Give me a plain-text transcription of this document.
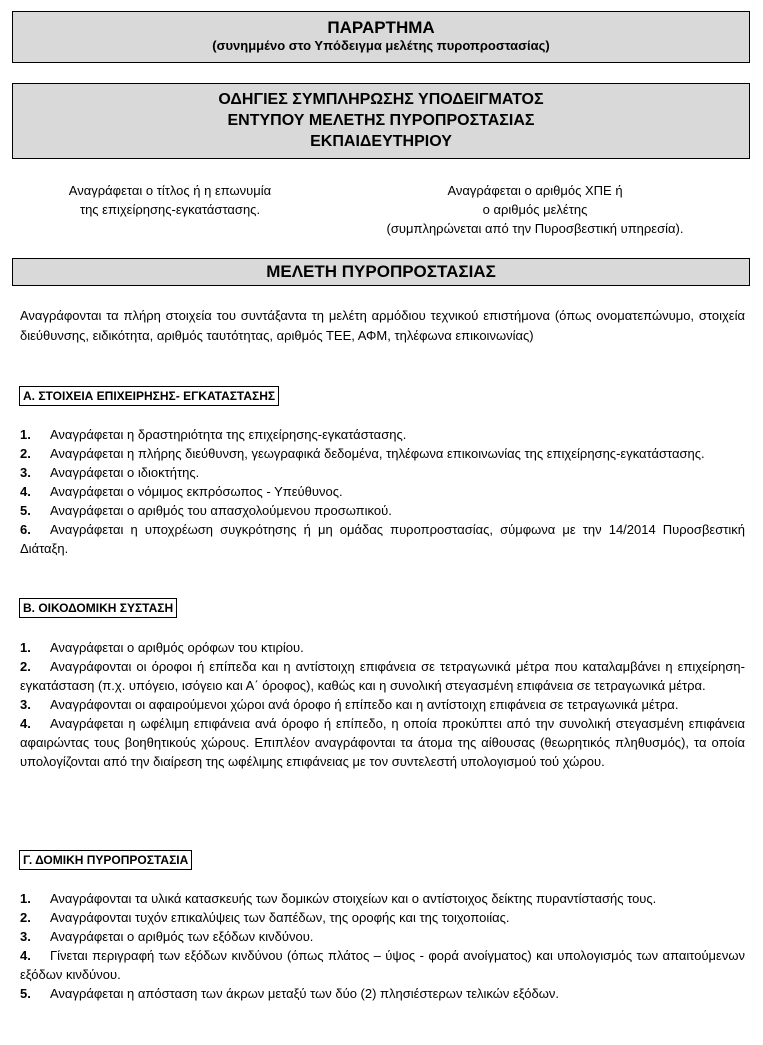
ΠΑΡΑΡΤΗΜΑ
(συνημμένο στο Υπόδειγμα μελέτης πυροπροστασίας)
ΟΔΗΓΙΕΣ ΣΥΜΠΛΗΡΩΣΗΣ ΥΠΟΔΕΙΓΜΑΤΟΣ
ΕΝΤΥΠΟΥ ΜΕΛΕΤΗΣ ΠΥΡΟΠΡΟΣΤΑΣΙΑΣ
ΕΚΠΑΙΔΕΥΤΗΡΙΟΥ
Αναγράφεται ο τίτλος ή η επωνυμία
της επιχείρησης-εγκατάστασης.
Αναγράφεται ο αριθμός ΧΠΕ ή
ο αριθμός μελέτης
(συμπληρώνεται από την Πυροσβεστική υπηρεσία).
ΜΕΛΕΤΗ ΠΥΡΟΠΡΟΣΤΑΣΙΑΣ
Αναγράφονται τα πλήρη στοιχεία του συντάξαντα τη μελέτη αρμόδιου τεχνικού επιστήμονα (όπως ονοματεπώνυμο, στοιχεία διεύθυνσης, ειδικότητα, αριθμός ταυτότητας, αριθμός ΤΕΕ, ΑΦΜ, τηλέφωνα επικοινωνίας)
Α. ΣΤΟΙΧΕΙΑ ΕΠΙΧΕΙΡΗΣΗΣ- ΕΓΚΑΤΑΣΤΑΣΗΣ
1. Αναγράφεται η δραστηριότητα της επιχείρησης-εγκατάστασης.
2. Αναγράφεται η πλήρης διεύθυνση, γεωγραφικά δεδομένα, τηλέφωνα επικοινωνίας της επιχείρησης-εγκατάστασης.
3. Αναγράφεται ο ιδιοκτήτης.
4. Αναγράφεται ο νόμιμος εκπρόσωπος - Υπεύθυνος.
5. Αναγράφεται ο αριθμός του απασχολούμενου προσωπικού.
6. Αναγράφεται η υποχρέωση συγκρότησης ή μη ομάδας πυροπροστασίας, σύμφωνα με την 14/2014 Πυροσβεστική Διάταξη.
Β. ΟΙΚΟΔΟΜΙΚΗ ΣΥΣΤΑΣΗ
1. Αναγράφεται ο αριθμός ορόφων του κτιρίου.
2. Αναγράφονται οι όροφοι ή επίπεδα και η αντίστοιχη επιφάνεια σε τετραγωνικά μέτρα που καταλαμβάνει η επιχείρηση- εγκατάσταση (π.χ. υπόγειο, ισόγειο και Α΄ όροφος), καθώς και η συνολική στεγασμένη επιφάνεια σε τετραγωνικά μέτρα.
3. Αναγράφονται οι αφαιρούμενοι χώροι ανά όροφο ή επίπεδο και η αντίστοιχη επιφάνεια σε τετραγωνικά μέτρα.
4. Αναγράφεται η ωφέλιμη επιφάνεια ανά όροφο ή επίπεδο, η οποία προκύπτει από την συνολική στεγασμένη επιφάνεια αφαιρώντας τους βοηθητικούς χώρους. Επιπλέον αναγράφονται τα άτομα της αίθουσας (θεωρητικός πληθυσμός), τα οποία υπολογίζονται από την διαίρεση της ωφέλιμης επιφάνειας με τον συντελεστή υπολογισμού τού χώρου.
Γ. ΔΟΜΙΚΗ ΠΥΡΟΠΡΟΣΤΑΣΙΑ
1. Αναγράφονται τα υλικά κατασκευής των δομικών στοιχείων και ο αντίστοιχος δείκτης πυραντίστασής τους.
2. Αναγράφονται τυχόν επικαλύψεις των δαπέδων, της οροφής και της τοιχοποιίας.
3. Αναγράφεται ο αριθμός των εξόδων κινδύνου.
4. Γίνεται περιγραφή των εξόδων κινδύνου (όπως πλάτος – ύψος - φορά ανοίγματος) και υπολογισμός των απαιτούμενων εξόδων κινδύνου.
5. Αναγράφεται η απόσταση των άκρων μεταξύ των δύο (2) πλησιέστερων τελικών εξόδων.
